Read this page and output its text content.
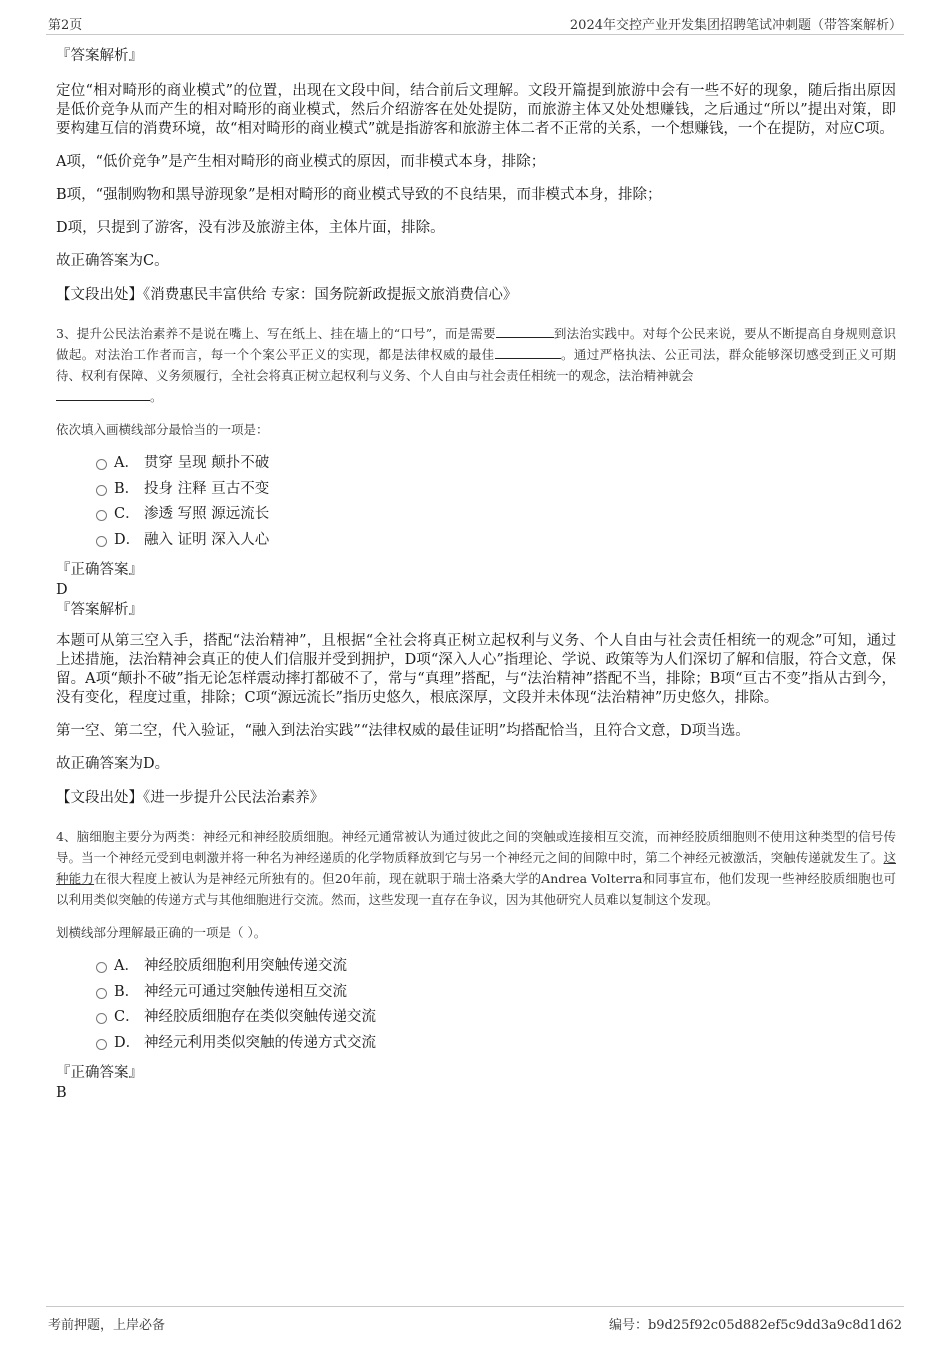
第2页	2024年交控产业开发集团招聘笔试冲刺题（带答案解析）

『答案解析』

定位“相对畸形的商业模式”的位置，出现在文段中间，结合前后文理解。文段开篇提到旅游中会有一些不好的现象，随后指出原因是低价竞争从而产生的相对畸形的商业模式，然后介绍游客在处处提防，而旅游主体又处处想赚钱，之后通过“所以”提出对策，即要构建互信的消费环境，故“相对畸形的商业模式”就是指游客和旅游主体二者不正常的关系，一个想赚钱，一个在提防，对应C项。

A项，“低价竞争”是产生相对畸形的商业模式的原因，而非模式本身，排除；

B项，“强制购物和黑导游现象”是相对畸形的商业模式导致的不良结果，而非模式本身，排除；

D项，只提到了游客，没有涉及旅游主体，主体片面，排除。

故正确答案为C。

【文段出处】《消费惠民丰富供给 专家：国务院新政提振文旅消费信心》

3、提升公民法治素养不是说在嘴上、写在纸上、挂在墙上的“口号”，而是需要	到法治实践中。对每个公民来说，要从不断提高自身规则意识做起。对法治工作者而言，每一个个案公平正义的实现，都是法律权威的最佳	。通过严格执法、公正司法，群众能够深切感受到正义可期待、权利有保障、义务须履行，全社会将真正树立起权利与义务、个人自由与社会责任相统一的观念，法治精神就会
。

依次填入画横线部分最恰当的一项是：

A． 贯穿 呈现 颠扑不破
B． 投身 注释 亘古不变
C． 渗透 写照 源远流长
D． 融入 证明 深入人心

『正确答案』

D

『答案解析』

本题可从第三空入手，搭配“法治精神”，且根据“全社会将真正树立起权利与义务、个人自由与社会责任相统一的观念”可知，通过上述措施，法治精神会真正的使人们信服并受到拥护，D项“深入人心”指理论、学说、政策等为人们深切了解和信服，符合文意，保留。A项“颠扑不破”指无论怎样震动摔打都破不了，常与“真理”搭配，与“法治精神”搭配不当，排除；B项“亘古不变”指从古到今，没有变化，程度过重，排除；C项“源远流长”指历史悠久，根底深厚，文段并未体现“法治精神”历史悠久，排除。

第一空、第二空，代入验证，“融入到法治实践”“法律权威的最佳证明”均搭配恰当，且符合文意，D项当选。

故正确答案为D。

【文段出处】《进一步提升公民法治素养》

4、脑细胞主要分为两类：神经元和神经胶质细胞。神经元通常被认为通过彼此之间的突触或连接相互交流，而神经胶质细胞则不使用这种类型的信号传导。当一个神经元受到电刺激并将一种名为神经递质的化学物质释放到它与另一个神经元之间的间隙中时，第二个神经元被激活，突触传递就发生了。这种能力在很大程度上被认为是神经元所独有的。但20年前，现在就职于瑞士洛桑大学的Andrea Volterra和同事宣布，他们发现一些神经胶质细胞也可以利用类似突触的传递方式与其他细胞进行交流。然而，这些发现一直存在争议，因为其他研究人员难以复制这个发现。

划横线部分理解最正确的一项是（ ）。

A． 神经胶质细胞利用突触传递交流
B． 神经元可通过突触传递相互交流
C． 神经胶质细胞存在类似突触传递交流
D． 神经元利用类似突触的传递方式交流

『正确答案』

B

考前押题，上岸必备	编号：b9d25f92c05d882ef5c9dd3a9c8d1d62
